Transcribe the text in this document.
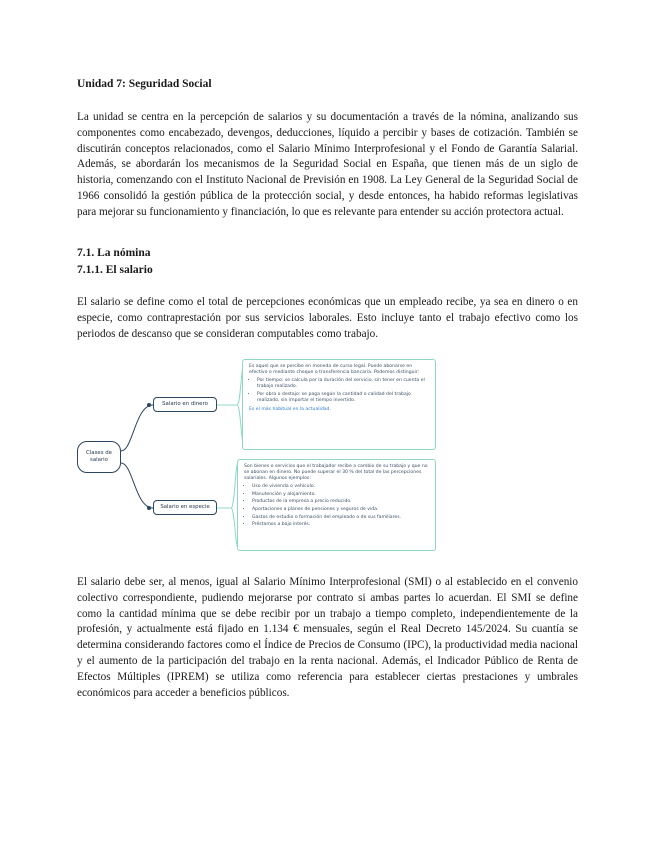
Unidad 7: Seguridad Social

La unidad se centra en la percepción de salarios y su documentación a través de la nómina, analizando sus componentes como encabezado, devengos, deducciones, líquido a percibir y bases de cotización. También se discutirán conceptos relacionados, como el Salario Mínimo Interprofesional y el Fondo de Garantía Salarial. Además, se abordarán los mecanismos de la Seguridad Social en España, que tienen más de un siglo de historia, comenzando con el Instituto Nacional de Previsión en 1908. La Ley General de la Seguridad Social de 1966 consolidó la gestión pública de la protección social, y desde entonces, ha habido reformas legislativas para mejorar su funcionamiento y financiación, lo que es relevante para entender su acción protectora actual.

7.1. La nómina
7.1.1. El salario

El salario se define como el total de percepciones económicas que un empleado recibe, ya sea en dinero o en especie, como contraprestación por sus servicios laborales. Esto incluye tanto el trabajo efectivo como los periodos de descanso que se consideran computables como trabajo.

Clases de salario
Salario en dinero
Salario en especie

Es aquel que se percibe en moneda de curso legal. Puede abonarse en efectivo o mediante cheque o transferencia bancaria. Podemos distinguir:

• Por tiempo: se calcula por la duración del servicio, sin tener en cuenta el trabajo realizado.
• Por obra o destajo: se paga según la cantidad o calidad del trabajo realizado, sin importar el tiempo invertido.
Es el más habitual en la actualidad.

Son bienes o servicios que el trabajador recibe a cambio de su trabajo y que no se abonan en dinero. No puede superar el 30 % del total de las percepciones salariales. Algunos ejemplos:

• Uso de vivienda o vehículo.
• Manutención y alojamiento.
• Productos de la empresa a precio reducido.
• Aportaciones a planes de pensiones y seguros de vida.
• Gastos de estudio o formación del empleado o de sus familiares.
• Préstamos a bajo interés.

El salario debe ser, al menos, igual al Salario Mínimo Interprofesional (SMI) o al establecido en el convenio colectivo correspondiente, pudiendo mejorarse por contrato si ambas partes lo acuerdan. El SMI se define como la cantidad mínima que se debe recibir por un trabajo a tiempo completo, independientemente de la profesión, y actualmente está fijado en 1.134 € mensuales, según el Real Decreto 145/2024. Su cuantía se determina considerando factores como el Índice de Precios de Consumo (IPC), la productividad media nacional y el aumento de la participación del trabajo en la renta nacional. Además, el Indicador Público de Renta de Efectos Múltiples (IPREM) se utiliza como referencia para establecer ciertas prestaciones y umbrales económicos para acceder a beneficios públicos.
